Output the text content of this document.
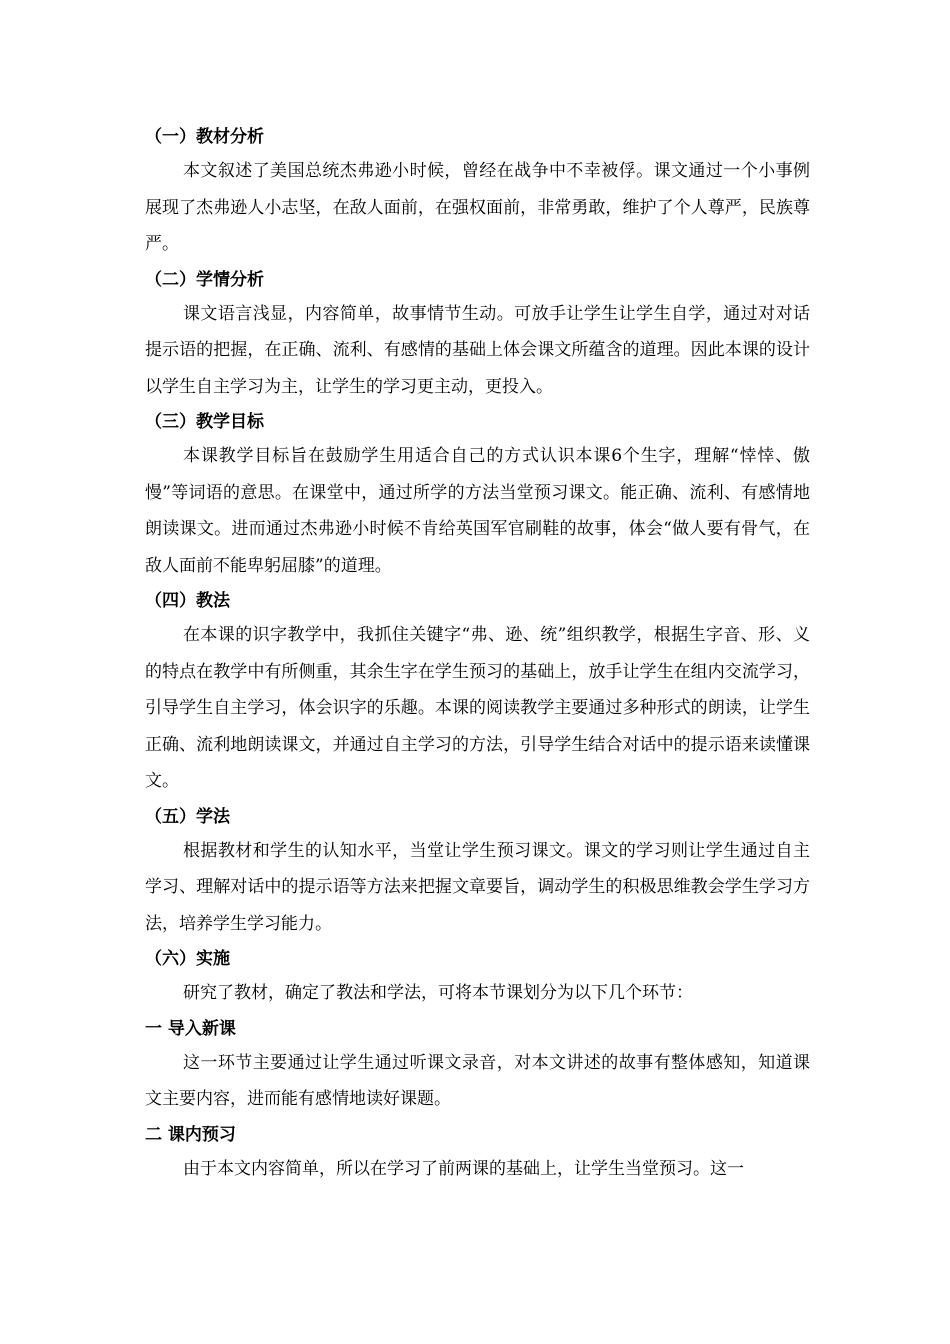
（一）教材分析

本文叙述了美国总统杰弗逊小时候，曾经在战争中不幸被俘。课文通过一个小事例展现了杰弗逊人小志坚，在敌人面前，在强权面前，非常勇敢，维护了个人尊严，民族尊严。

（二）学情分析

课文语言浅显，内容简单，故事情节生动。可放手让学生让学生自学，通过对对话提示语的把握，在正确、流利、有感情的基础上体会课文所蕴含的道理。因此本课的设计以学生自主学习为主，让学生的学习更主动，更投入。

（三）教学目标

本课教学目标旨在鼓励学生用适合自己的方式认识本课6个生字，理解“悻悻、傲慢”等词语的意思。在课堂中，通过所学的方法当堂预习课文。能正确、流利、有感情地朗读课文。进而通过杰弗逊小时候不肯给英国军官刷鞋的故事，体会“做人要有骨气，在敌人面前不能卑躬屈膝”的道理。

（四）教法

在本课的识字教学中，我抓住关键字“弗、逊、统”组织教学，根据生字音、形、义的特点在教学中有所侧重，其余生字在学生预习的基础上，放手让学生在组内交流学习，引导学生自主学习，体会识字的乐趣。本课的阅读教学主要通过多种形式的朗读，让学生正确、流利地朗读课文，并通过自主学习的方法，引导学生结合对话中的提示语来读懂课文。

（五）学法

根据教材和学生的认知水平，当堂让学生预习课文。课文的学习则让学生通过自主学习、理解对话中的提示语等方法来把握文章要旨，调动学生的积极思维教会学生学习方法，培养学生学习能力。

（六）实施

研究了教材，确定了教法和学法，可将本节课划分为以下几个环节：

一 导入新课

这一环节主要通过让学生通过听课文录音，对本文讲述的故事有整体感知，知道课文主要内容，进而能有感情地读好课题。

二 课内预习

由于本文内容简单，所以在学习了前两课的基础上，让学生当堂预习。这一
